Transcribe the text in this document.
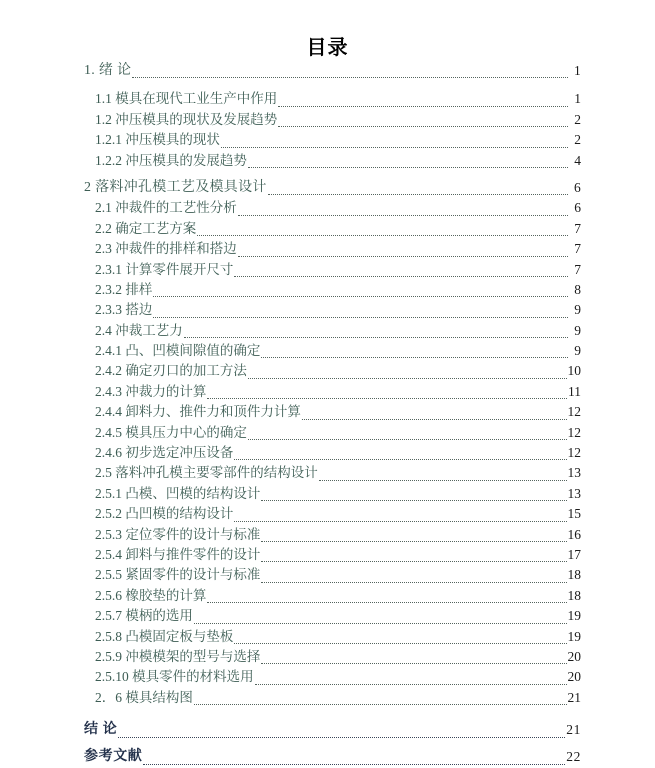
目录
1. 绪 论	1
1.1 模具在现代工业生产中作用	1
1.2 冲压模具的现状及发展趋势	2
1.2.1 冲压模具的现状	2
1.2.2 冲压模具的发展趋势	4
2 落料冲孔模工艺及模具设计	6
2.1 冲裁件的工艺性分析	6
2.2 确定工艺方案	7
2.3 冲裁件的排样和搭边	7
2.3.1 计算零件展开尺寸	7
2.3.2 排样	8
2.3.3 搭边	9
2.4 冲裁工艺力	9
2.4.1 凸、凹模间隙值的确定	9
2.4.2 确定刃口的加工方法	10
2.4.3 冲裁力的计算	11
2.4.4 卸料力、推件力和顶件力计算	12
2.4.5 模具压力中心的确定	12
2.4.6 初步选定冲压设备	12
2.5 落料冲孔模主要零部件的结构设计	13
2.5.1 凸模、凹模的结构设计	13
2.5.2 凸凹模的结构设计	15
2.5.3 定位零件的设计与标准	16
2.5.4 卸料与推件零件的设计	17
2.5.5 紧固零件的设计与标准	18
2.5.6 橡胶垫的计算	18
2.5.7 模柄的选用	19
2.5.8 凸模固定板与垫板	19
2.5.9 冲模模架的型号与选择	20
2.5.10 模具零件的材料选用	20
2．6 模具结构图	21
结 论	21
参考文献	22
